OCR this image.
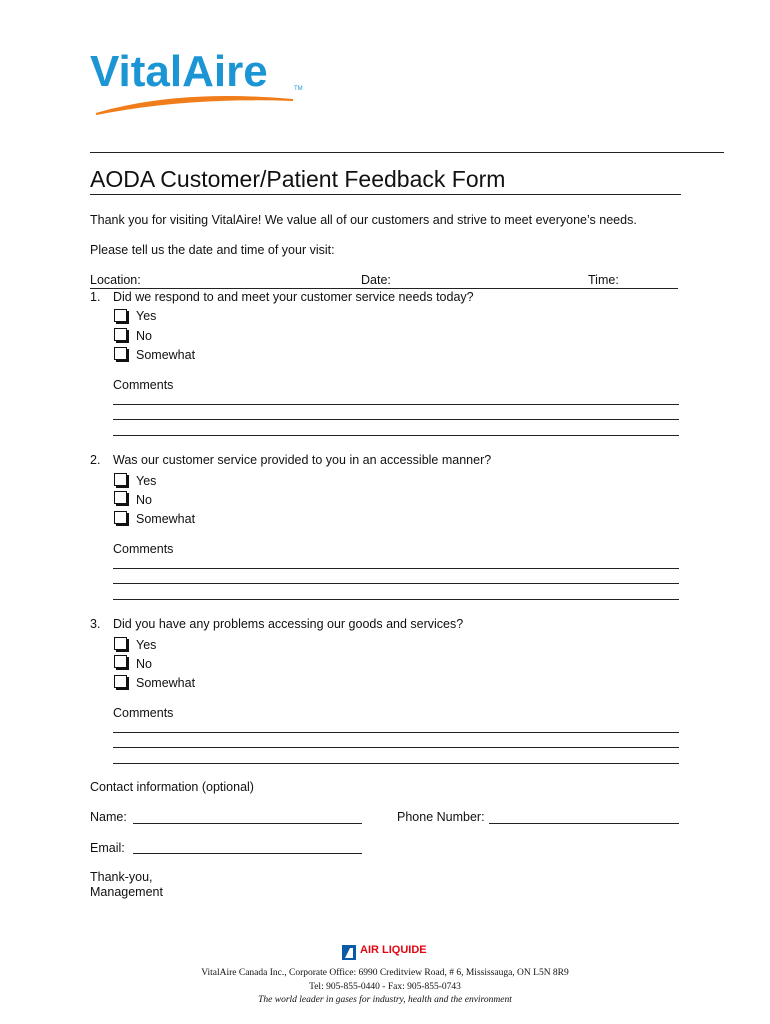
VitalAire	TM
AODA Customer/Patient Feedback Form
Thank you for visiting VitalAire! We value all of our customers and strive to meet everyone’s needs.
Please tell us the date and time of your visit:
Location:	Date:	Time:
1. Did we respond to and meet your customer service needs today?
Yes
No
Somewhat
Comments
2. Was our customer service provided to you in an accessible manner?
Yes
No
Somewhat
Comments
3. Did you have any problems accessing our goods and services?
Yes
No
Somewhat
Comments
Contact information (optional)
Name:	Phone Number:
Email:
Thank-you,
Management
AIR LIQUIDE
VitalAire Canada Inc., Corporate Office: 6990 Creditview Road, # 6, Mississauga, ON L5N 8R9
Tel: 905-855-0440 - Fax: 905-855-0743
The world leader in gases for industry, health and the environment
